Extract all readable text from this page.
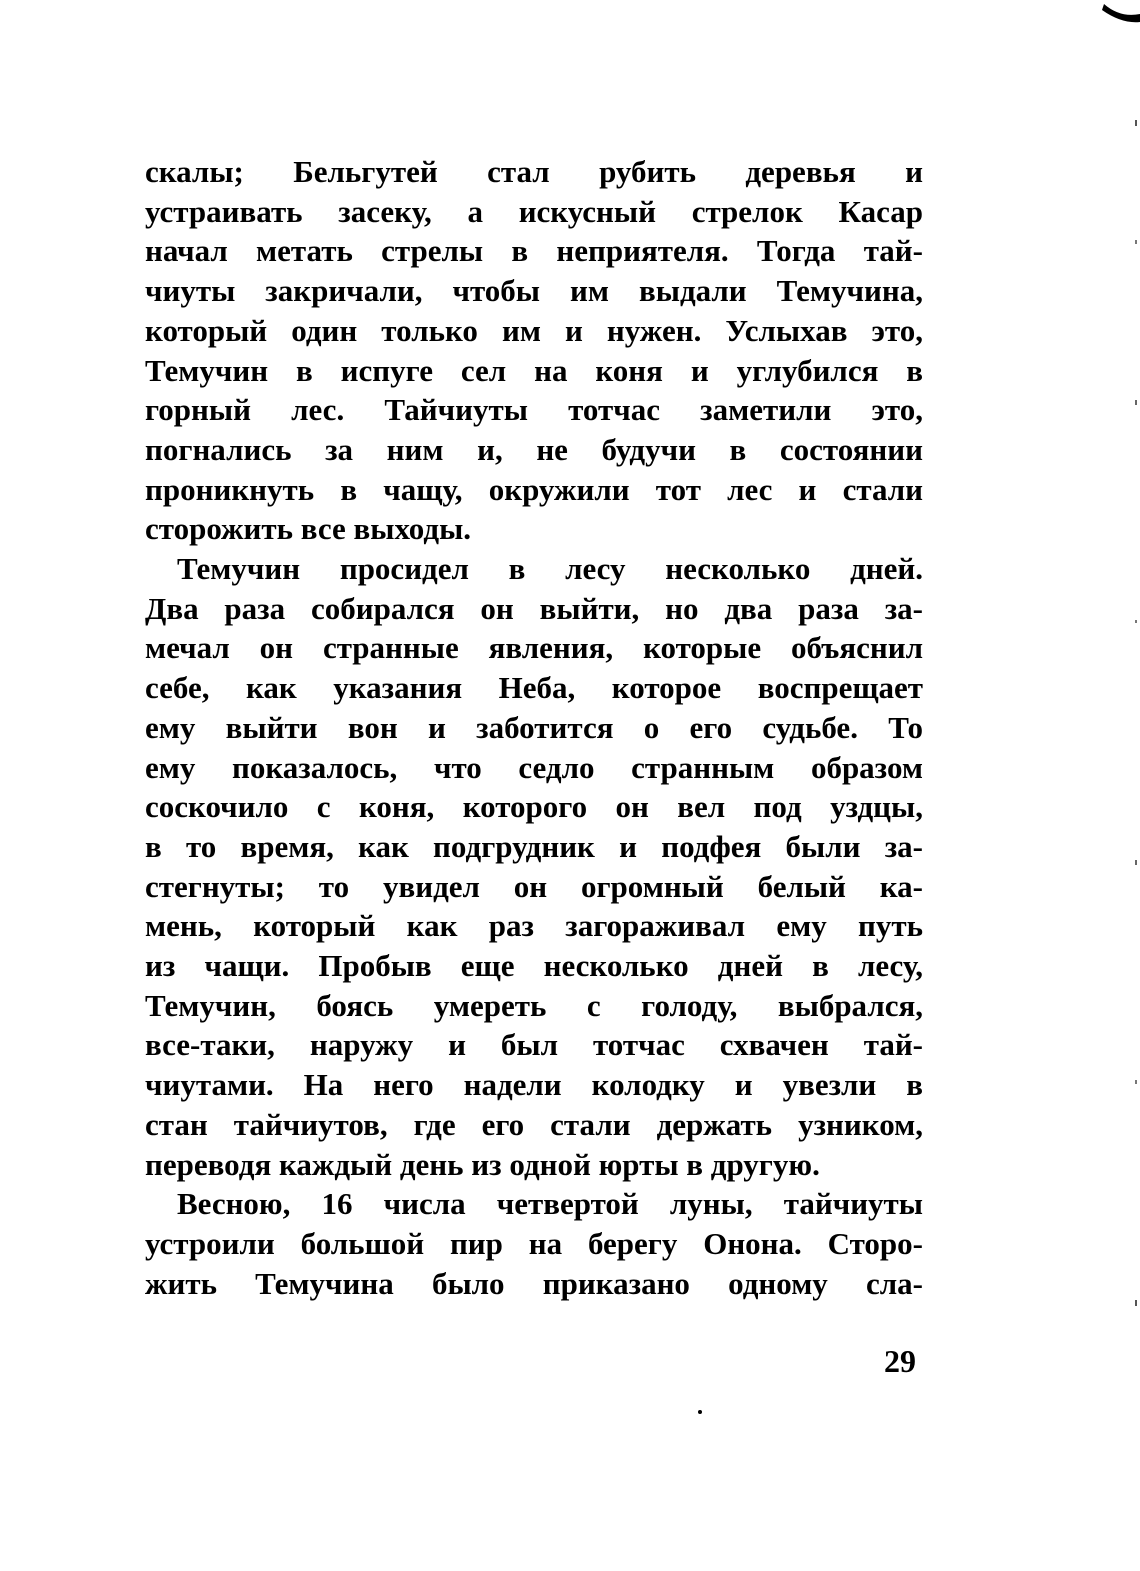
скалы; Бельгутей стал рубить деревья и
устраивать засеку, а искусный стрелок Касар
начал метать стрелы в неприятеля. Тогда тай-
чиуты закричали, чтобы им выдали Темучина,
который один только им и нужен. Услыхав это,
Темучин в испуге сел на коня и углубился в
горный лес. Тайчиуты тотчас заметили это,
погнались за ним и, не будучи в состоянии
проникнуть в чащу, окружили тот лес и стали
сторожить все выходы.
Темучин просидел в лесу несколько дней.
Два раза собирался он выйти, но два раза за-
мечал он странные явления, которые объяснил
себе, как указания Неба, которое воспрещает
ему выйти вон и заботится о его судьбе. То
ему показалось, что седло странным образом
соскочило с коня, которого он вел под уздцы,
в то время, как подгрудник и подфея были за-
стегнуты; то увидел он огромный белый ка-
мень, который как раз загораживал ему путь
из чащи. Пробыв еще несколько дней в лесу,
Темучин, боясь умереть с голоду, выбрался,
все-таки, наружу и был тотчас схвачен тай-
чиутами. На него надели колодку и увезли в
стан тайчиутов, где его стали держать узником,
переводя каждый день из одной юрты в другую.
Весною, 16 числа четвертой луны, тайчиуты
устроили большой пир на берегу Онона. Сторо-
жить Темучина было приказано одному сла-
29
